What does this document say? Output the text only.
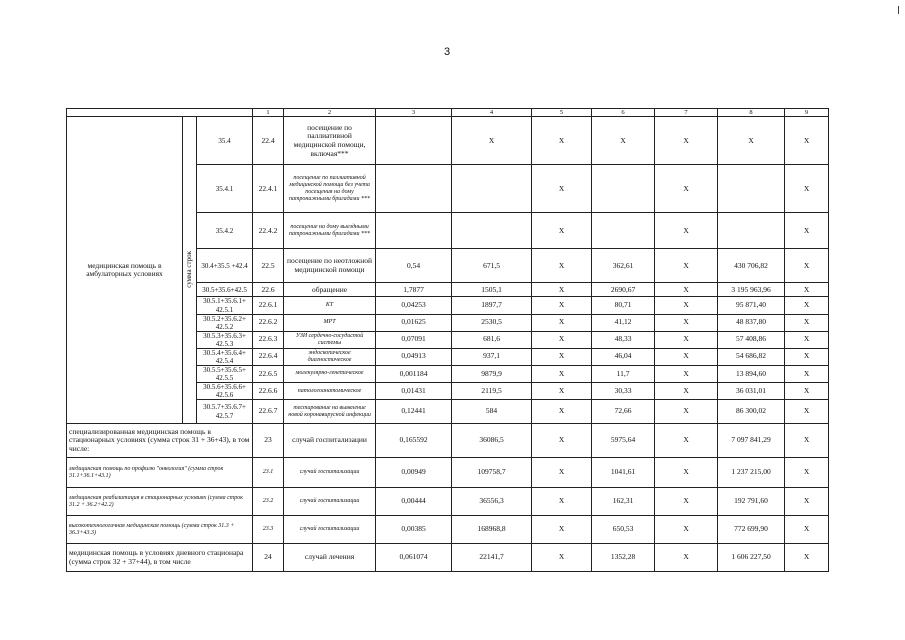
3
			1	2	3	4	5	6	7	8	9
медицинская помощь в амбулаторных условиях	сумма строк	35.4	22.4	посещение по паллиативной медицинской помощи, включая***		X	X	X	X	X	X
		35.4.1	22.4.1	посещение по паллиативной медицинской помощи без учета посещения на дому патронажными бригадами ***			X		X		X
		35.4.2	22.4.2	посещение на дому выездными патронажными бригадами ***			X		X		X
		30.4+35.5 +42.4	22.5	посещение по неотложной медицинской помощи	0,54	671,5	X	362,61	X	430 706,82	X
		30.5+35.6+42.5	22.6	обращение	1,7877	1505,1	X	2690,67	X	3 195 963,96	X
		30.5.1+35.6.1+ 42.5.1	22.6.1	КТ	0,04253	1897,7	X	80,71	X	95 871,40	X
		30.5.2+35.6.2+ 42.5.2	22.6.2	МРТ	0,01625	2530,5	X	41,12	X	48 837,80	X
		30.5.3+35.6.3+ 42.5.3	22.6.3	УЗИ сердечно-сосудистой системы	0,07091	681,6	X	48,33	X	57 408,86	X
		30.5.4+35.6.4+ 42.5.4	22.6.4	эндоскопическое диагностическое	0,04913	937,1	X	46,04	X	54 686,82	X
		30.5.5+35.6.5+ 42.5.5	22.6.5	молекулярно-генетическое	0,001184	9879,9	X	11,7	X	13 894,60	X
		30.5.6+35.6.6+ 42.5.6	22.6.6	патологоанатомическое	0,01431	2119,5	X	30,33	X	36 031,01	X
		30.5.7+35.6.7+ 42.5.7	22.6.7	тестирование на выявление новой коронавирусной инфекции	0,12441	584	X	72,66	X	86 300,02	X
специализированная медицинская помощь в стационарных условиях (сумма строк 31 + 36+43), в том числе:			23	случай госпитализации	0,165592	36086,5	X	5975,64	X	7 097 841,29	X
медицинская помощь по профилю "онкология" (сумма строк 31.1+36.1+43.1)			23.1	случай госпитализации	0,00949	109758,7	X	1041,61	X	1 237 215,00	X
медицинская реабилитация в стационарных условиях (сумма строк 31.2 + 36.2+42.2)			23.2	случай госпитализации	0,00444	36556,3	X	162,31	X	192 791,60	X
высокотехнологичная медицинская помощь (сумма строк 31.3 + 36.3+43.3)			23.3	случай госпитализации	0,00385	168968,8	X	650,53	X	772 699,90	X
медицинская помощь в условиях дневного стационара (сумма строк 32 + 37+44), в том числе			24	случай лечения	0,061074	22141,7	X	1352,28	X	1 606 227,50	X
